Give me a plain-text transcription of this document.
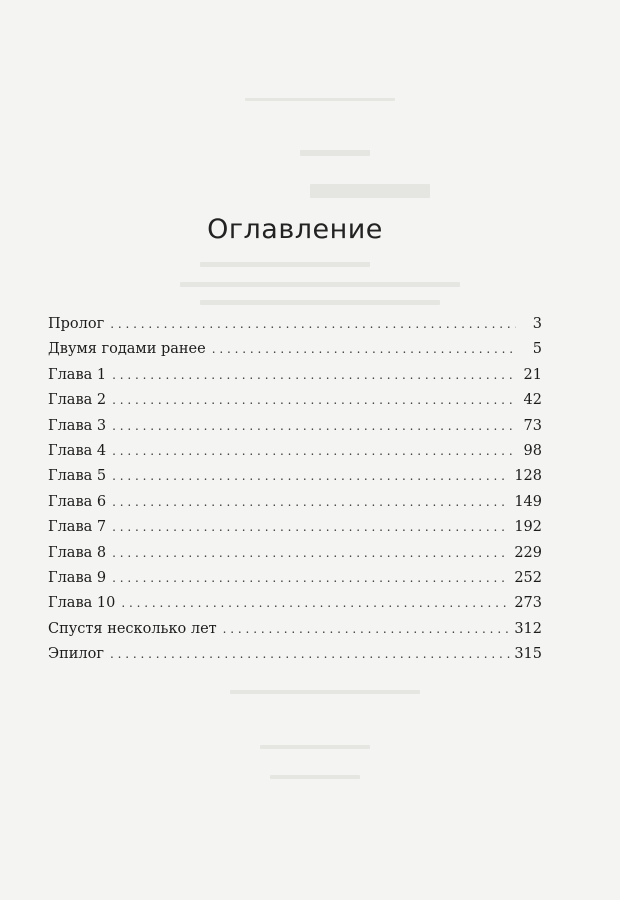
Оглавление
Пролог . . .	3
Двумя годами ранее . . .	5
Глава 1 . . .	21
Глава 2 . . .	42
Глава 3 . . .	73
Глава 4 . . .	98
Глава 5 . . .	128
Глава 6 . . .	149
Глава 7 . . .	192
Глава 8 . . .	229
Глава 9 . . .	252
Глава 10 . . .	273
Спустя несколько лет . . .	312
Эпилог . . .	315
